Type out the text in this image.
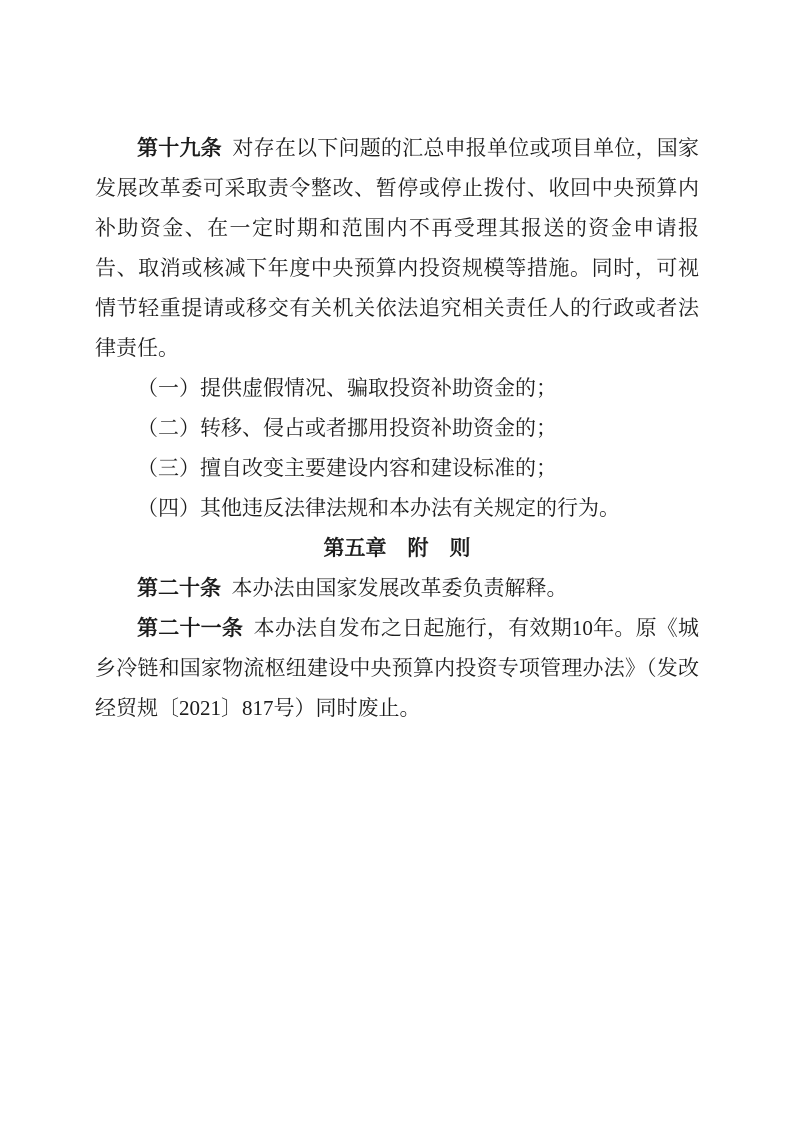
第十九条 对存在以下问题的汇总申报单位或项目单位，国家发展改革委可采取责令整改、暂停或停止拨付、收回中央预算内补助资金、在一定时期和范围内不再受理其报送的资金申请报告、取消或核减下年度中央预算内投资规模等措施。同时，可视情节轻重提请或移交有关机关依法追究相关责任人的行政或者法律责任。

（一）提供虚假情况、骗取投资补助资金的；

（二）转移、侵占或者挪用投资补助资金的；

（三）擅自改变主要建设内容和建设标准的；

（四）其他违反法律法规和本办法有关规定的行为。

第五章　附　则

第二十条 本办法由国家发展改革委负责解释。

第二十一条 本办法自发布之日起施行，有效期10年。原《城乡冷链和国家物流枢纽建设中央预算内投资专项管理办法》（发改经贸规〔2021〕817号）同时废止。
